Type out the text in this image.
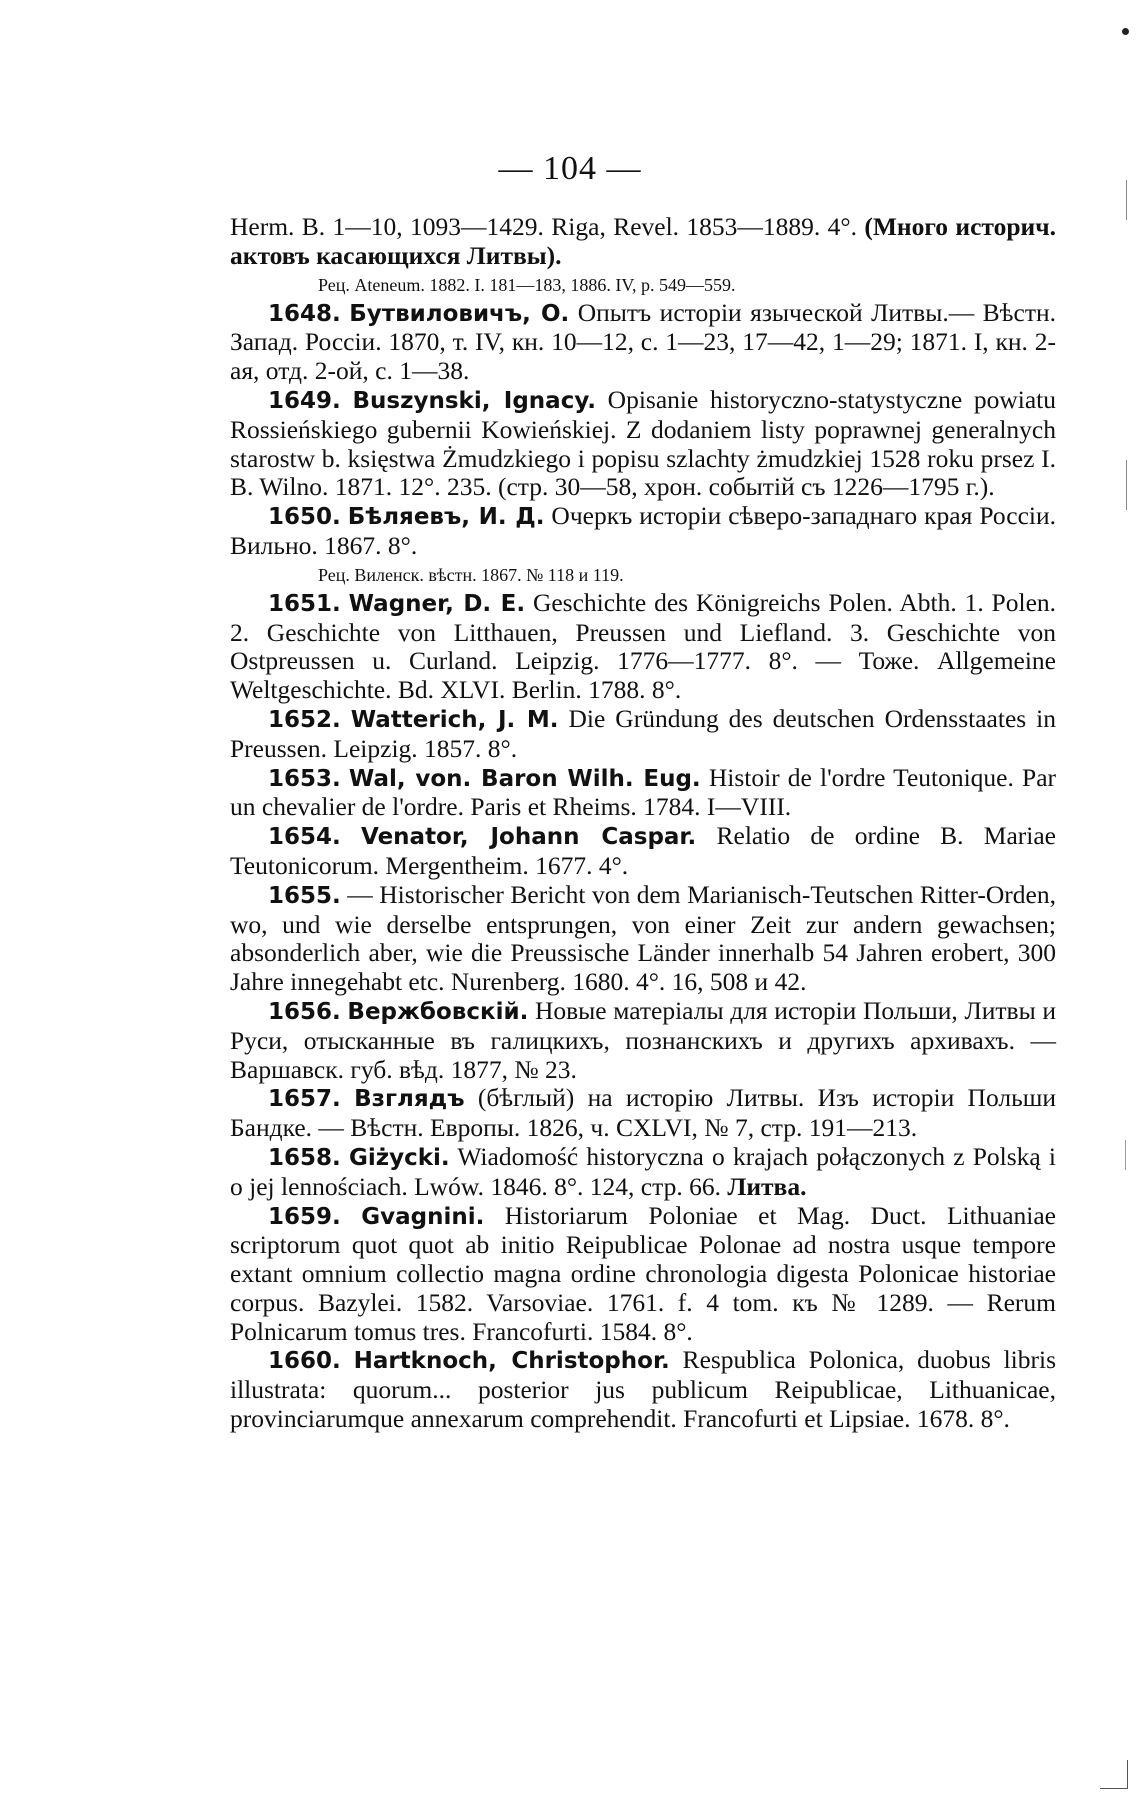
— 104 —

Herm. B. 1—10, 1093—1429. Riga, Revel. 1853—1889. 4°. (Много историч. актовъ касающихся Литвы).

Рец. Ateneum. 1882. I. 181—183, 1886. IV, p. 549—559.

1648. Бутвиловичъ, О. Опытъ исторiи языческой Литвы.— Вѣстн. Запад. Россiи. 1870, т. IV, кн. 10—12, с. 1—23, 17—42, 1—29; 1871. I, кн. 2-ая, отд. 2-ой, с. 1—38.

1649. Buszynski, Ignacy. Opisanie historyczno-statystyczne powiatu Rossieńskiego gubernii Kowieńskiej. Z dodaniem listy poprawnej generalnych starostw b. księstwa Żmudzkiego i popisu szlachty żmudzkiej 1528 roku prsez I. B. Wilno. 1871. 12°. 235. (стр. 30—58, хрон. событiй съ 1226—1795 г.).

1650. Бѣляевъ, И. Д. Очеркъ исторiи сѣверо-западнаго края Россiи. Вильно. 1867. 8°.

Рец. Виленск. вѣстн. 1867. № 118 и 119.

1651. Wagner, D. E. Geschichte des Königreichs Polen. Abth. 1. Polen. 2. Geschichte von Litthauen, Preussen und Liefland. 3. Geschichte von Ostpreussen u. Curland. Leipzig. 1776—1777. 8°. — Тоже. Allgemeine Weltgeschichte. Bd. XLVI. Berlin. 1788. 8°.

1652. Watterich, J. M. Die Gründung des deutschen Ordensstaates in Preussen. Leipzig. 1857. 8°.

1653. Wal, von. Baron Wilh. Eug. Histoir de l'ordre Teutonique. Par un chevalier de l'ordre. Paris et Rheims. 1784. I—VIII.

1654. Venator, Johann Caspar. Relatio de ordine B. Mariae Teutonicorum. Mergentheim. 1677. 4°.

1655. — Historischer Bericht von dem Marianisch-Teutschen Ritter-Orden, wo, und wie derselbe entsprungen, von einer Zeit zur andern gewachsen; absonderlich aber, wie die Preussische Länder innerhalb 54 Jahren erobert, 300 Jahre innegehabt etc. Nurenberg. 1680. 4°. 16, 508 и 42.

1656. Вержбовскiй. Новые матерiалы для исторiи Польши, Литвы и Руси, отысканные въ галицкихъ, познанскихъ и другихъ архивахъ. — Варшавск. губ. вѣд. 1877, № 23.

1657. Взглядъ (бѣглый) на исторiю Литвы. Изъ исторiи Польши Бандке. — Вѣстн. Европы. 1826, ч. CXLVI, № 7, стр. 191—213.

1658. Giżycki. Wiadomość historyczna o krajach połączonych z Polską i o jej lennościach. Lwów. 1846. 8°. 124, стр. 66. Литва.

1659. Gvagnini. Historiarum Poloniae et Mag. Duct. Lithuaniae scriptorum quot quot ab initio Reipublicae Polonae ad nostra usque tempore extant omnium collectio magna ordine chronologia digesta Polonicae historiae corpus. Bazylei. 1582. Varsoviae. 1761. f. 4 tom. къ № 1289. — Rerum Polnicarum tomus tres. Francofurti. 1584. 8°.

1660. Hartknoch, Christophor. Respublica Polonica, duobus libris illustrata: quorum... posterior jus publicum Reipublicae, Lithuanicae, provinciarumque annexarum comprehendit. Francofurti et Lipsiae. 1678. 8°.
